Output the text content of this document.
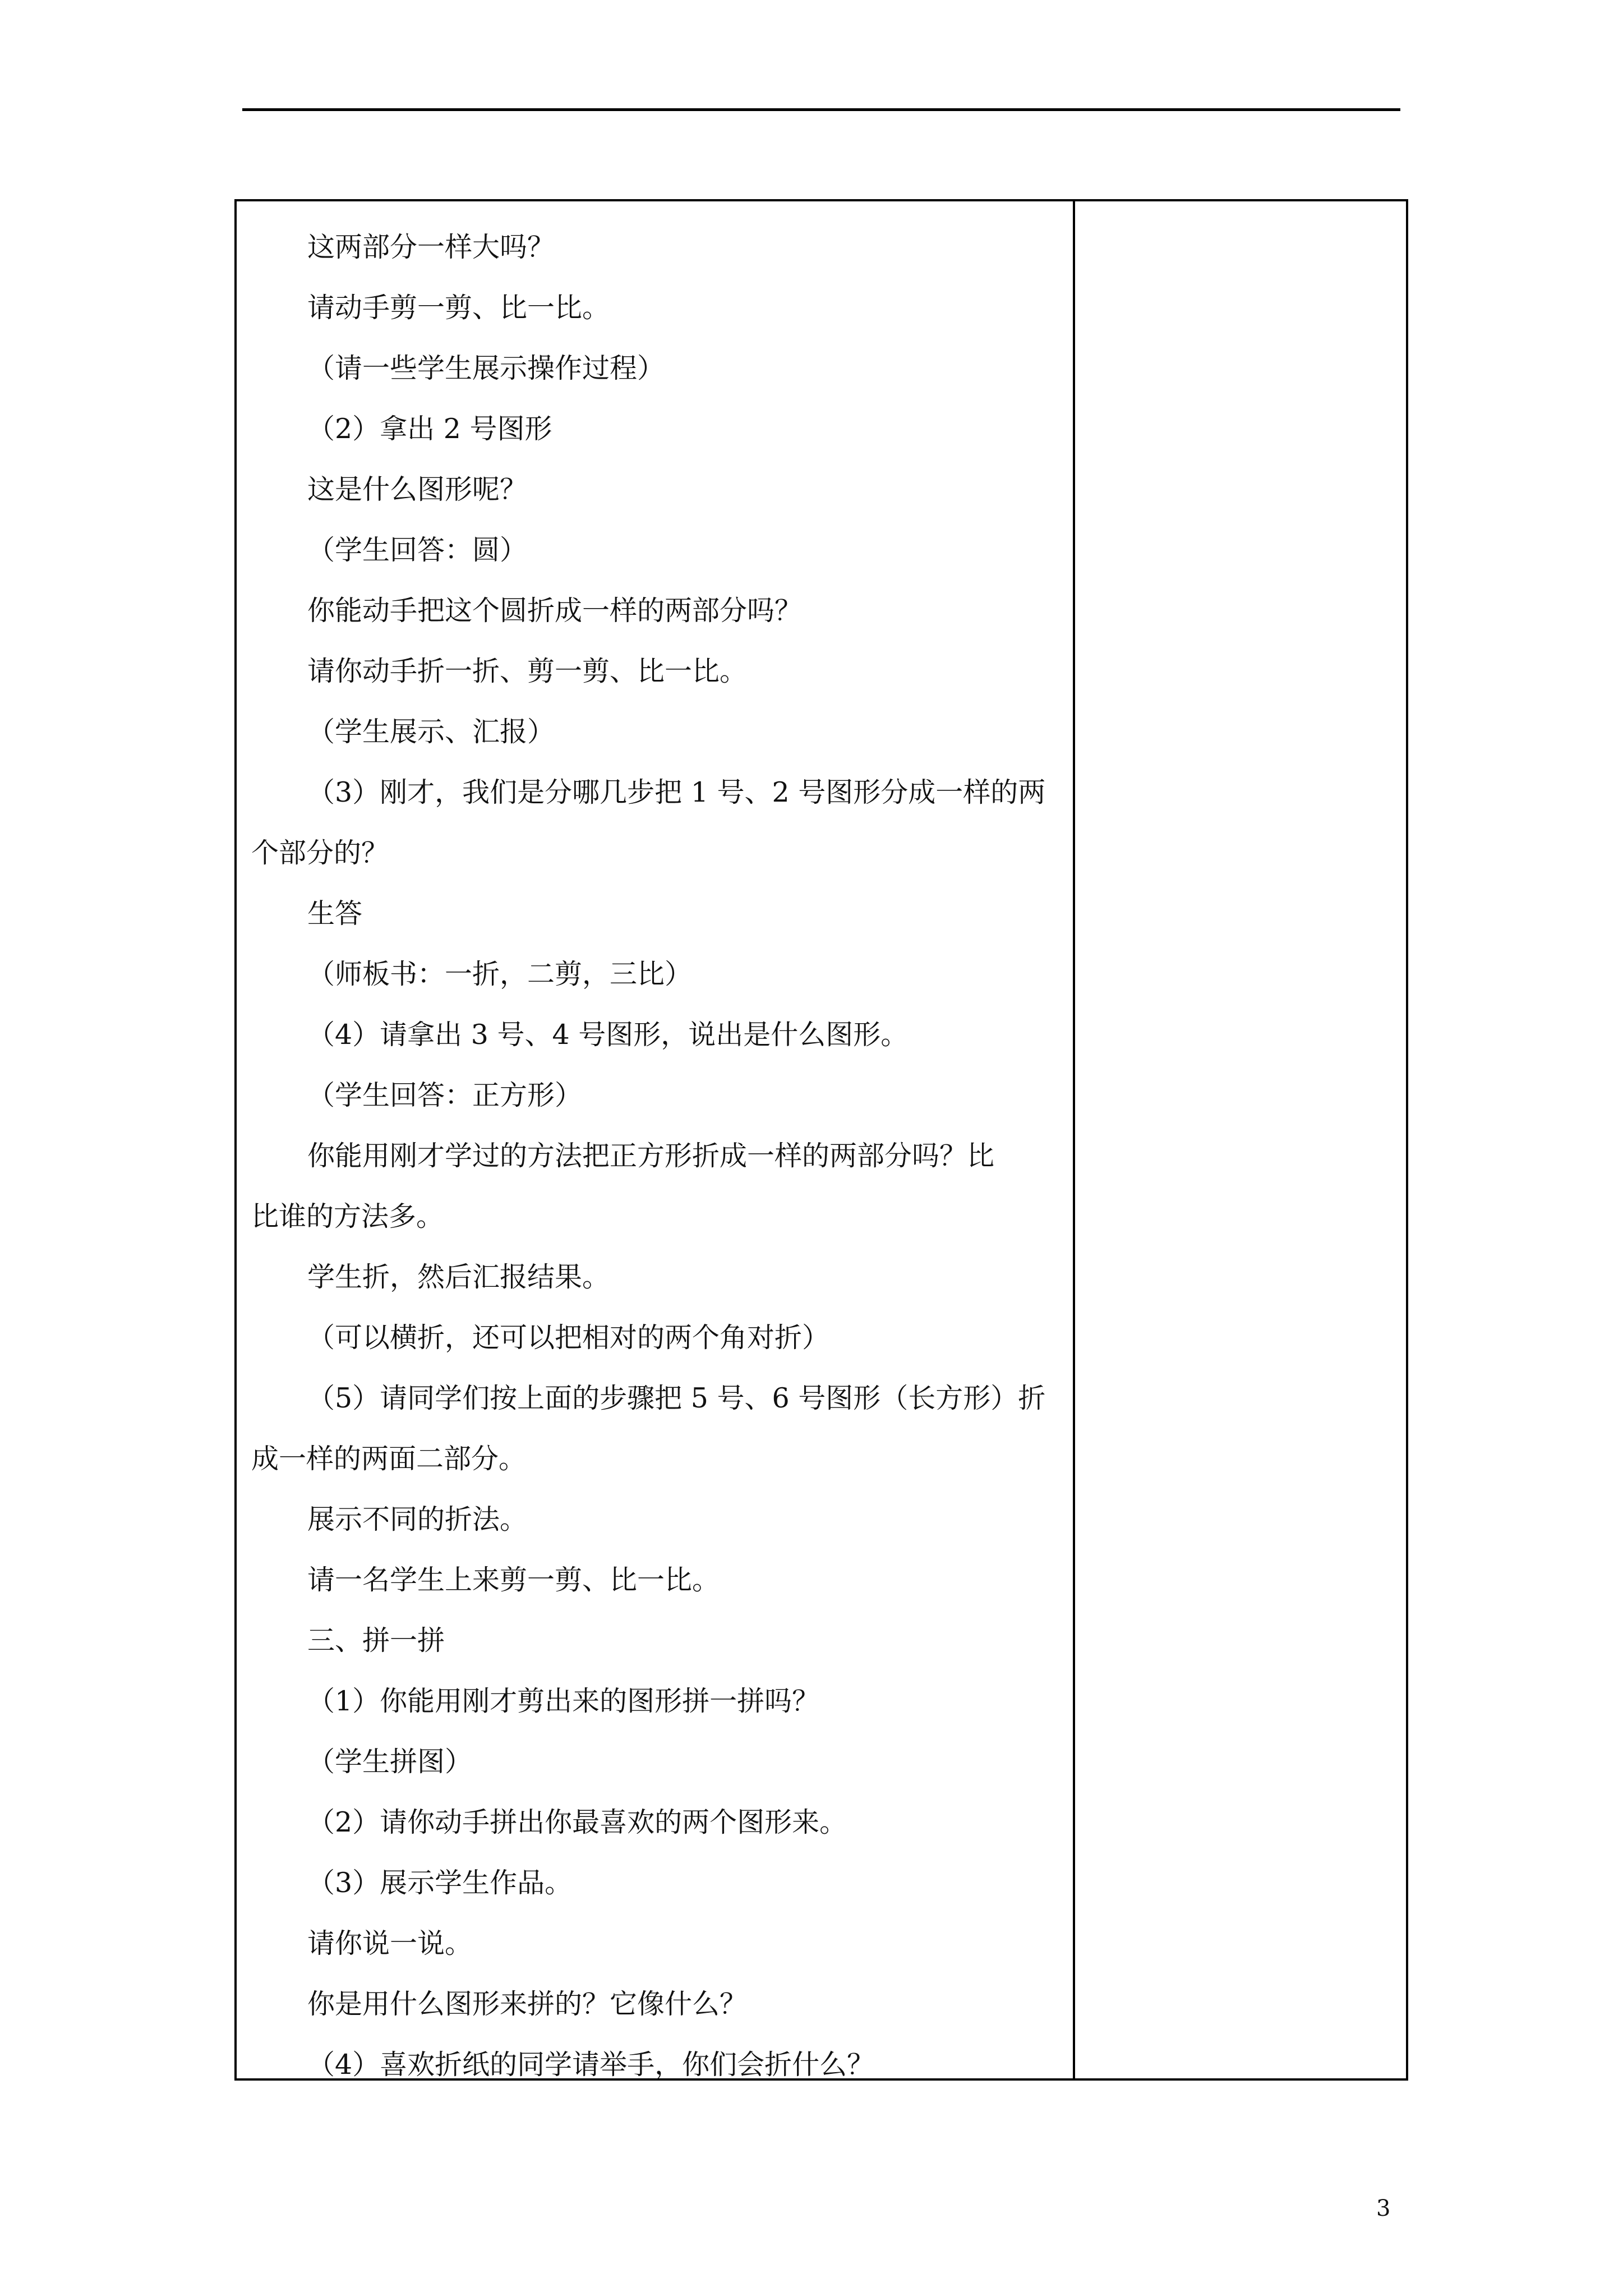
这两部分一样大吗？
请动手剪一剪、比一比。
（请一些学生展示操作过程）
（2）拿出 2 号图形
这是什么图形呢？
（学生回答：圆）
你能动手把这个圆折成一样的两部分吗？
请你动手折一折、剪一剪、比一比。
（学生展示、汇报）
（3）刚才，我们是分哪几步把 1 号、2 号图形分成一样的两
个部分的？
生答
（师板书：一折，二剪，三比）
（4）请拿出 3 号、4 号图形，说出是什么图形。
（学生回答：正方形）
你能用刚才学过的方法把正方形折成一样的两部分吗？比
比谁的方法多。
学生折，然后汇报结果。
（可以横折，还可以把相对的两个角对折）
（5）请同学们按上面的步骤把 5 号、6 号图形（长方形）折
成一样的两面二部分。
展示不同的折法。
请一名学生上来剪一剪、比一比。
三、拼一拼
（1）你能用刚才剪出来的图形拼一拼吗？
（学生拼图）
（2）请你动手拼出你最喜欢的两个图形来。
（3）展示学生作品。
请你说一说。
你是用什么图形来拼的？它像什么？
（4）喜欢折纸的同学请举手，你们会折什么？
3
